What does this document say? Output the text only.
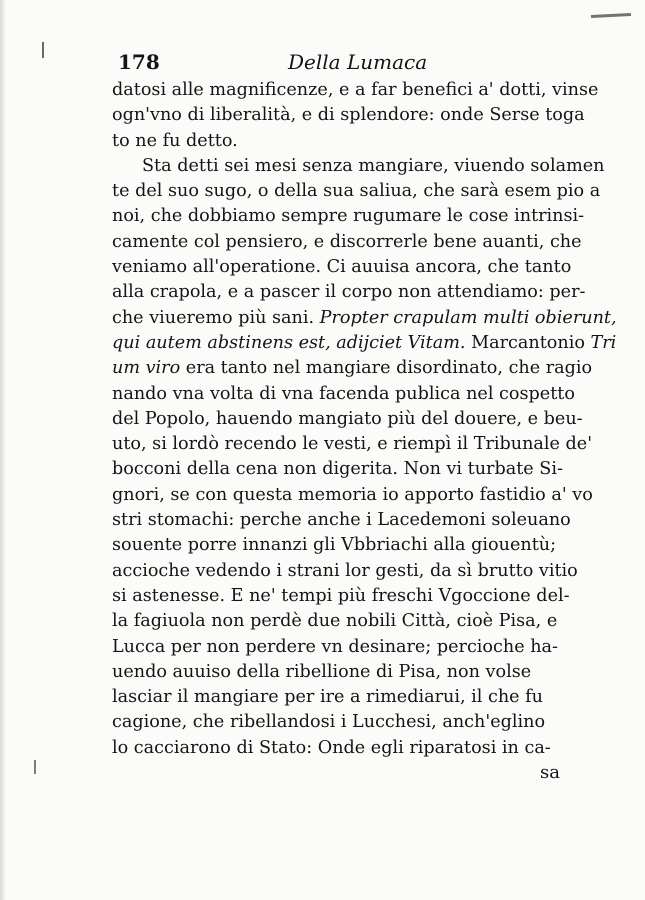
178	Della Lumaca
datosi alle magnificenze, e a far benefici a' dotti, vinse
ogn'vno di liberalità, e di splendore: onde Serse toga
to ne fu detto.
Sta detti sei mesi senza mangiare, viuendo solamen
te del suo sugo, o della sua saliua, che sarà esem pio a
noi, che dobbiamo sempre rugumare le cose intrinsi-
camente col pensiero, e discorrerle bene auanti, che
veniamo all'operatione. Ci auuisa ancora, che tanto
alla crapola, e a pascer il corpo non attendiamo: per-
che viueremo più sani. Propter crapulam multi obierunt,
qui autem abstinens est, adijciet Vitam. Marcantonio Tri
um viro era tanto nel mangiare disordinato, che ragio
nando vna volta di vna facenda publica nel cospetto
del Popolo, hauendo mangiato più del douere, e beu-
uto, si lordò recendo le vesti, e riempì il Tribunale de'
bocconi della cena non digerita. Non vi turbate Si-
gnori, se con questa memoria io apporto fastidio a' vo
stri stomachi: perche anche i Lacedemoni soleuano
souente porre innanzi gli Vbbriachi alla giouentù;
accioche vedendo i strani lor gesti, da sì brutto vitio
si astenesse. E ne' tempi più freschi Vgoccione del-
la fagiuola non perdè due nobili Città, cioè Pisa, e
Lucca per non perdere vn desinare; percioche ha-
uendo auuiso della ribellione di Pisa, non volse
lasciar il mangiare per ire a rimediarui, il che fu
cagione, che ribellandosi i Lucchesi, anch'eglino
lo cacciarono di Stato: Onde egli riparatosi in ca-
sa
